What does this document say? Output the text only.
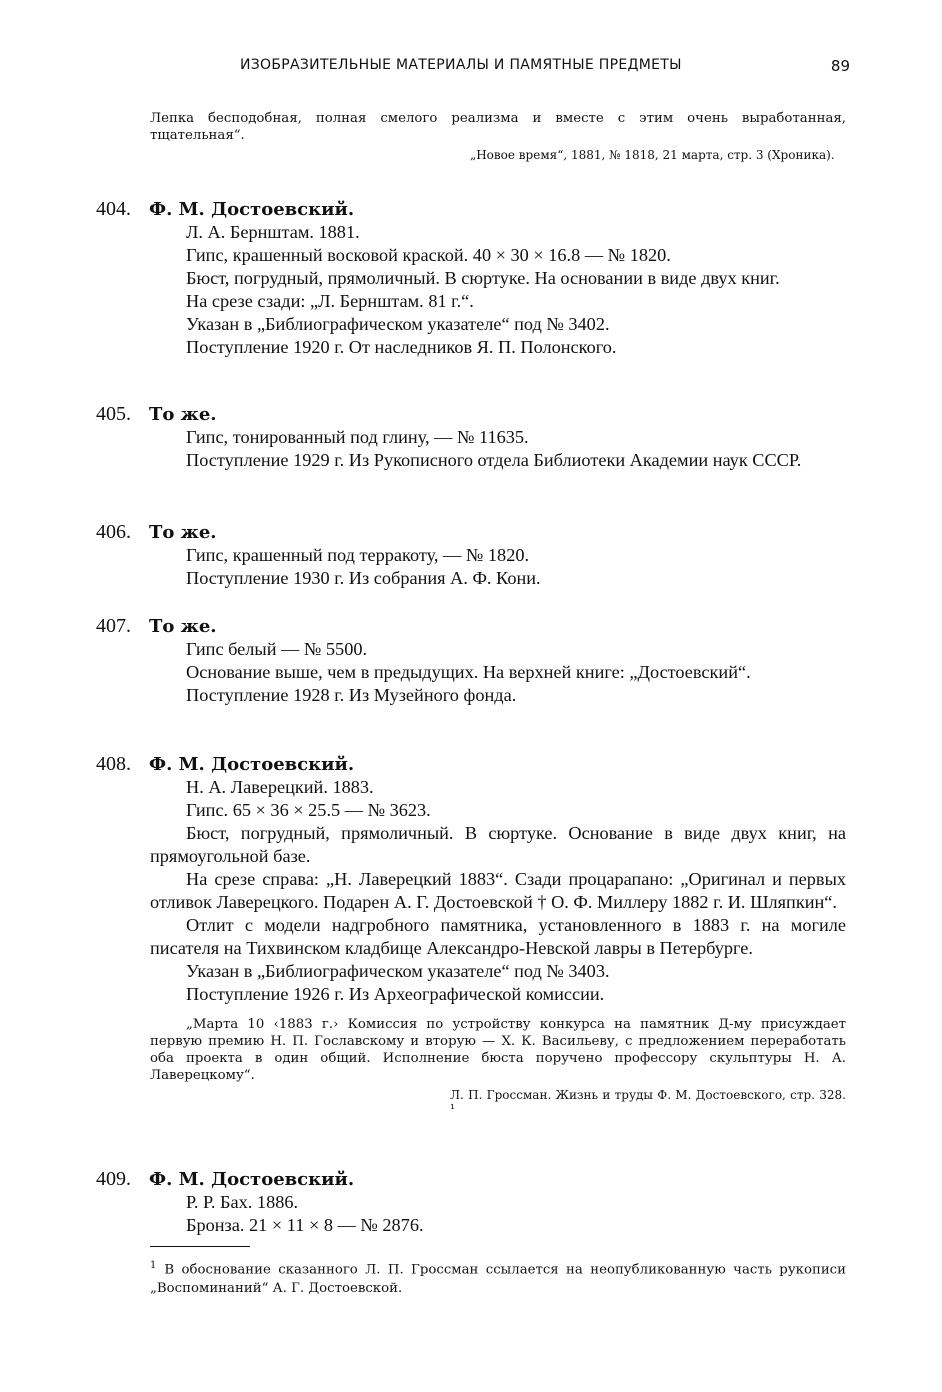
ИЗОБРАЗИТЕЛЬНЫЕ МАТЕРИАЛЫ И ПАМЯТНЫЕ ПРЕДМЕТЫ	89

Лепка бесподобная, полная смелого реализма и вместе с этим очень выработанная, тщательная“.

„Новое время“, 1881, № 1818, 21 марта, стр. 3 (Хроника).

404. Ф. М. Достоевский.

Л. А. Бернштам. 1881.

Гипс, крашенный восковой краской. 40 × 30 × 16.8 — № 1820.

Бюст, погрудный, прямоличный. В сюртуке. На основании в виде двух книг.

На срезе сзади: „Л. Бернштам. 81 г.“.

Указан в „Библиографическом указателе“ под № 3402.

Поступление 1920 г. От наследников Я. П. Полонского.

405. То же.

Гипс, тонированный под глину, — № 11635.

Поступление 1929 г. Из Рукописного отдела Библиотеки Академии наук СССР.

406. То же.

Гипс, крашенный под терракоту, — № 1820.

Поступление 1930 г. Из собрания А. Ф. Кони.

407. То же.

Гипс белый — № 5500.

Основание выше, чем в предыдущих. На верхней книге: „Достоевский“.

Поступление 1928 г. Из Музейного фонда.

408. Ф. М. Достоевский.

Н. А. Лаверецкий. 1883.

Гипс. 65 × 36 × 25.5 — № 3623.

Бюст, погрудный, прямоличный. В сюртуке. Основание в виде двух книг, на прямоугольной базе.

На срезе справа: „Н. Лаверецкий 1883“. Сзади процарапано: „Оригинал и первых отливок Лаверецкого. Подарен А. Г. Достоевской † О. Ф. Миллеру 1882 г. И. Шляпкин“.

Отлит с модели надгробного памятника, установленного в 1883 г. на могиле писателя на Тихвинском кладбище Александро-Невской лавры в Петербурге.

Указан в „Библиографическом указателе“ под № 3403.

Поступление 1926 г. Из Археографической комиссии.

„Марта 10 ‹1883 г.› Комиссия по устройству конкурса на памятник Д-му присуждает первую премию Н. П. Гославскому и вторую — Х. К. Васильеву, с предложением переработать оба проекта в один общий. Исполнение бюста поручено профессору скульптуры Н. А. Лаверецкому“.

Л. П. Гроссман. Жизнь и труды Ф. М. Достоевского, стр. 328. ¹

409. Ф. М. Достоевский.

Р. Р. Бах. 1886.

Бронза. 21 × 11 × 8 — № 2876.

$^1$ В обоснование сказанного Л. П. Гроссман ссылается на неопубликованную часть рукописи „Воспоминаний“ А. Г. Достоевской.
